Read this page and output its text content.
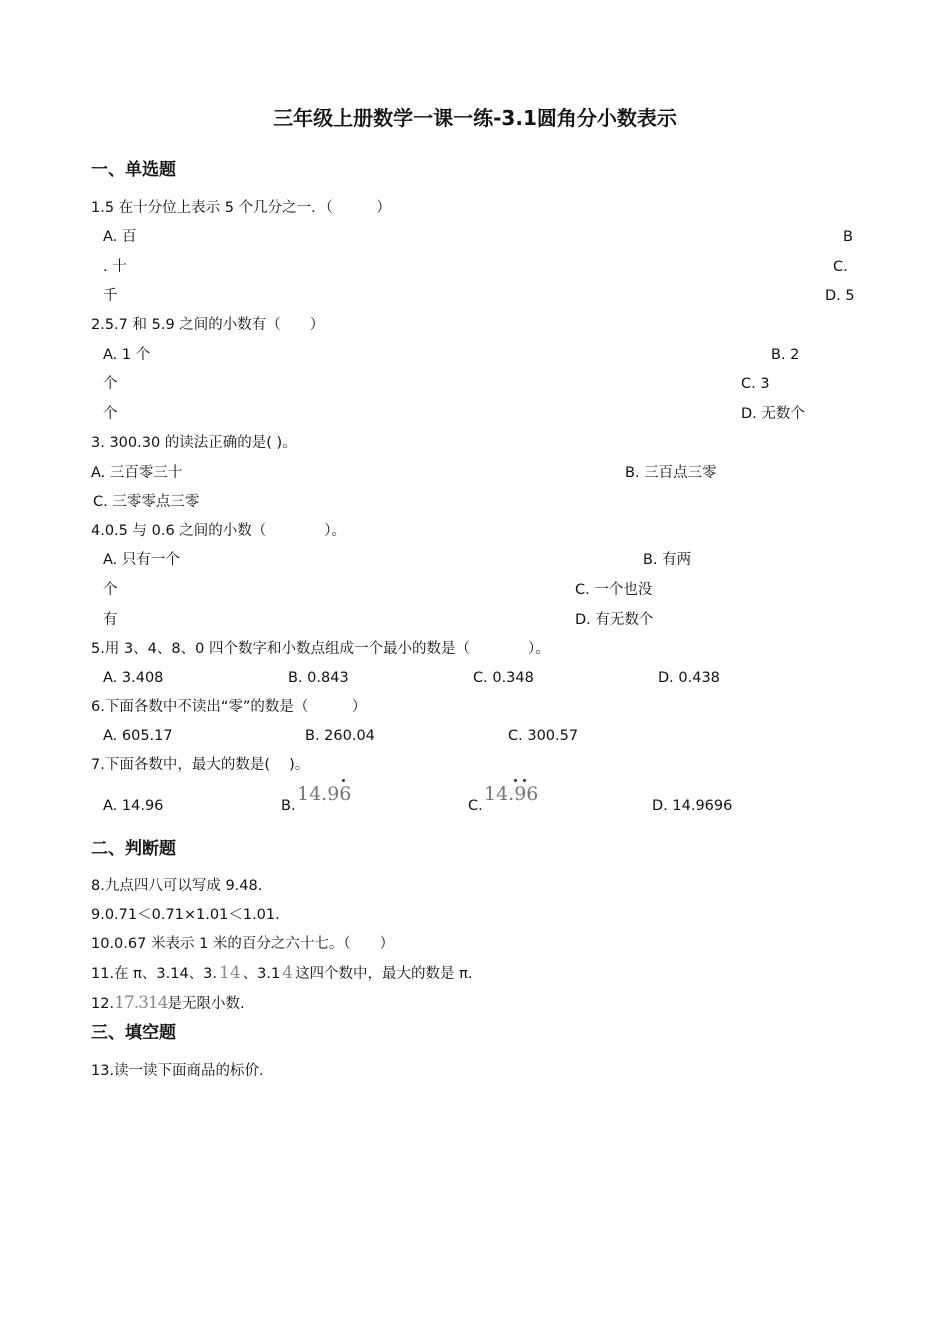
三年级上册数学一课一练-3.1圆角分小数表示
一、单选题
1.5 在十分位上表示 5 个几分之一．（　　　）
A. 百	B
. 十	C.
千	D. 5
2.5.7 和 5.9 之间的小数有（　　）
A. 1 个	B. 2
个	C. 3
个	D. 无数个
3. 300.30 的读法正确的是( )。
A. 三百零三十	B. 三百点三零
C. 三零零点三零
4.0.5 与 0.6 之间的小数（　　　　）。
A. 只有一个	B. 有两
个	C. 一个也没
有	D. 有无数个
5.用 3、4、8、0 四个数字和小数点组成一个最小的数是（　　　　）。
A. 3.408	B. 0.843	C. 0.348	D. 0.438
6.下面各数中不读出“零”的数是（　　　）
A. 605.17	B. 260.04	C. 300.57
7.下面各数中，最大的数是(　 )。
A. 14.96	B.
14.96
C.
14.96
D. 14.9696
二、判断题
8.九点四八可以写成 9.48.
9.0.71＜0.71×1.01＜1.01.
10.0.67 米表示 1 米的百分之六十七。（　　）
11.在 π、3.14、3. 14 、3.1 4 这四个数中，最大的数是 π.
12.17.314是无限小数.
三、填空题
13.读一读下面商品的标价.
